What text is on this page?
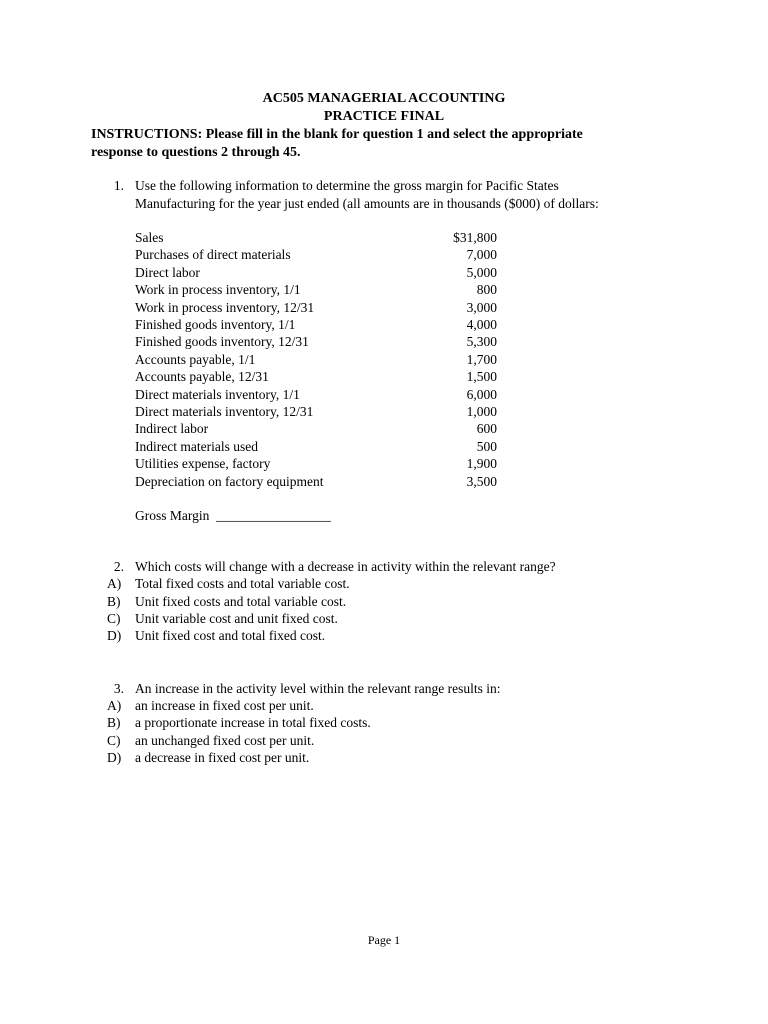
AC505 MANAGERIAL ACCOUNTING
PRACTICE FINAL
INSTRUCTIONS: Please fill in the blank for question 1 and select the appropriate
response to questions 2 through 45.
1. Use the following information to determine the gross margin for Pacific States
Manufacturing for the year just ended (all amounts are in thousands ($000) of dollars:
Sales	$31,800
Purchases of direct materials	7,000
Direct labor	5,000
Work in process inventory, 1/1	800
Work in process inventory, 12/31	3,000
Finished goods inventory, 1/1	4,000
Finished goods inventory, 12/31	5,300
Accounts payable, 1/1	1,700
Accounts payable, 12/31	1,500
Direct materials inventory, 1/1	6,000
Direct materials inventory, 12/31	1,000
Indirect labor	600
Indirect materials used	500
Utilities expense, factory	1,900
Depreciation on factory equipment	3,500
Gross Margin _________________
2. Which costs will change with a decrease in activity within the relevant range?
A) Total fixed costs and total variable cost.
B) Unit fixed costs and total variable cost.
C) Unit variable cost and unit fixed cost.
D) Unit fixed cost and total fixed cost.
3. An increase in the activity level within the relevant range results in:
A) an increase in fixed cost per unit.
B) a proportionate increase in total fixed costs.
C) an unchanged fixed cost per unit.
D) a decrease in fixed cost per unit.
Page 1
